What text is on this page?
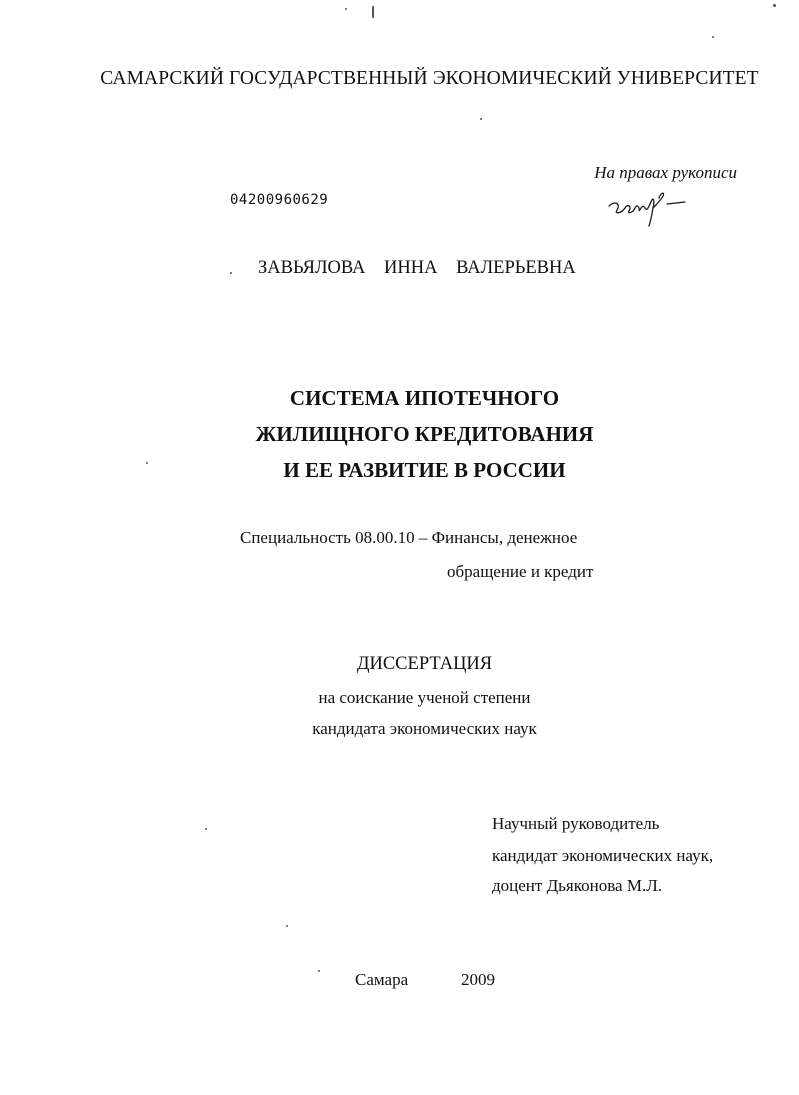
САМАРСКИЙ ГОСУДАРСТВЕННЫЙ ЭКОНОМИЧЕСКИЙ УНИВЕРСИТЕТ
На правах рукописи
04200960629
ЗАВЬЯЛОВА ИННА ВАЛЕРЬЕВНА
СИСТЕМА ИПОТЕЧНОГО
ЖИЛИЩНОГО КРЕДИТОВАНИЯ
И ЕЕ РАЗВИТИЕ В РОССИИ
Специальность 08.00.10 – Финансы, денежное
обращение и кредит
ДИССЕРТАЦИЯ
на соискание ученой степени
кандидата экономических наук
Научный руководитель
кандидат экономических наук,
доцент Дьяконова М.Л.
Самара	2009
